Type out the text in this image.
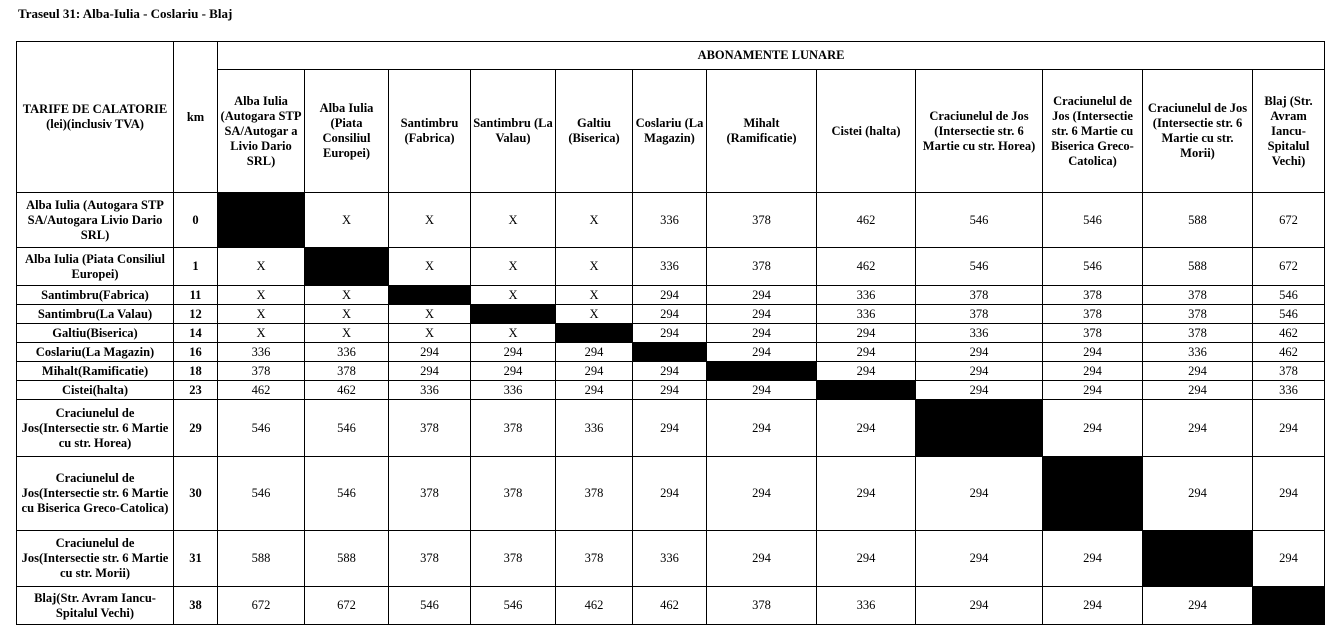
Traseul 31: Alba-Iulia - Coslariu - Blaj
TARIFE DE CALATORIE (lei)(inclusiv TVA)	km	ABONAMENTE LUNARE											
		Alba Iulia (Autogara STP SA/Autogar a Livio Dario SRL)	Alba Iulia (Piata Consiliul Europei)	Santimbru (Fabrica)	Santimbru (La Valau)	Galtiu (Biserica)	Coslariu (La Magazin)	Mihalt (Ramificatie)	Cistei (halta)	Craciunelul de Jos (Intersectie str. 6 Martie cu str. Horea)	Craciunelul de Jos (Intersectie str. 6 Martie cu Biserica Greco-Catolica)	Craciunelul de Jos (Intersectie str. 6 Martie cu str. Morii)	Blaj (Str. Avram Iancu-Spitalul Vechi)
Alba Iulia (Autogara STP SA/Autogara Livio Dario SRL)	0		X	X	X	X	336	378	462	546	546	588	672
Alba Iulia (Piata Consiliul Europei)	1	X		X	X	X	336	378	462	546	546	588	672
Santimbru(Fabrica)	11	X	X		X	X	294	294	336	378	378	378	546
Santimbru(La Valau)	12	X	X	X		X	294	294	336	378	378	378	546
Galtiu(Biserica)	14	X	X	X	X		294	294	294	336	378	378	462
Coslariu(La Magazin)	16	336	336	294	294	294		294	294	294	294	336	462
Mihalt(Ramificatie)	18	378	378	294	294	294	294		294	294	294	294	378
Cistei(halta)	23	462	462	336	336	294	294	294		294	294	294	336
Craciunelul de Jos(Intersectie str. 6 Martie cu str. Horea)	29	546	546	378	378	336	294	294	294		294	294	294
Craciunelul de Jos(Intersectie str. 6 Martie cu Biserica Greco-Catolica)	30	546	546	378	378	378	294	294	294	294		294	294
Craciunelul de Jos(Intersectie str. 6 Martie cu str. Morii)	31	588	588	378	378	378	336	294	294	294	294		294
Blaj(Str. Avram Iancu-Spitalul Vechi)	38	672	672	546	546	462	462	378	336	294	294	294	
